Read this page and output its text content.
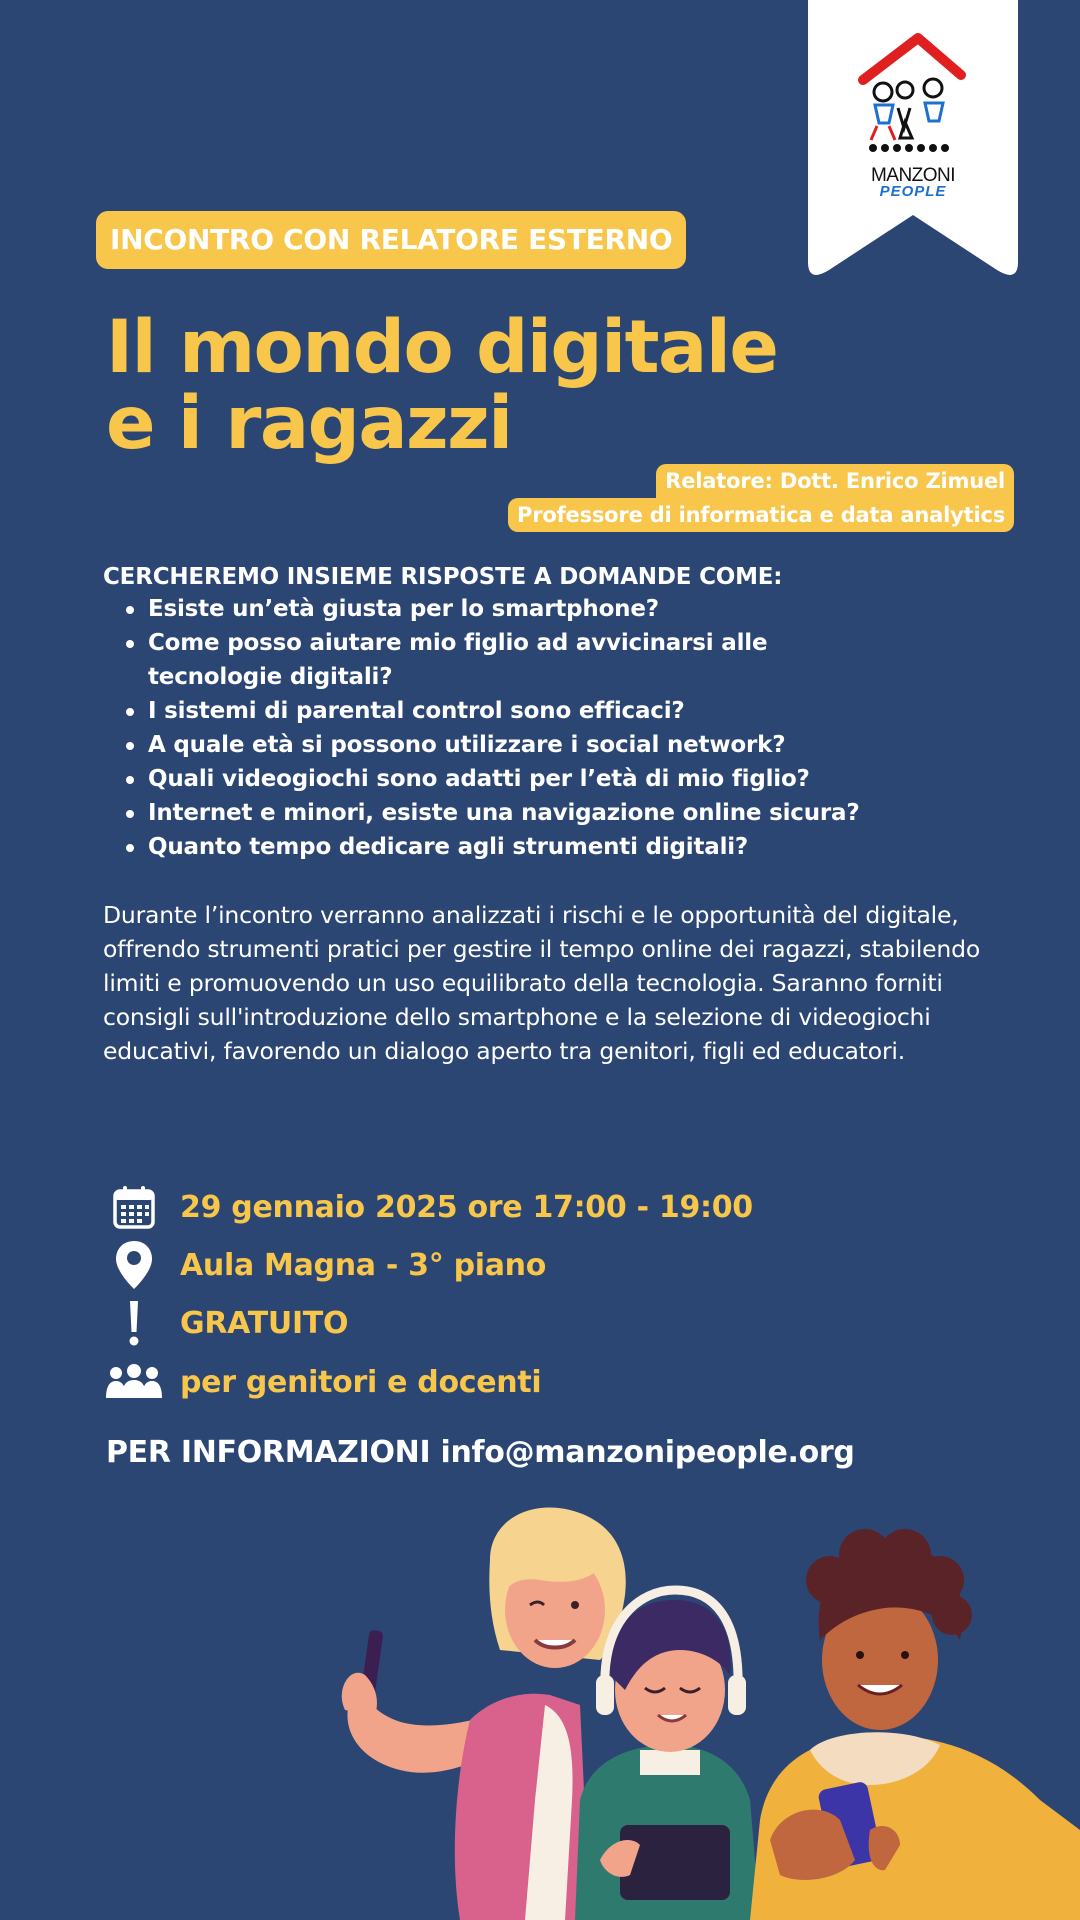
MANZONI
PEOPLE
INCONTRO CON RELATORE ESTERNO
Il mondo digitale
e i ragazzi
Relatore: Dott. Enrico Zimuel
Professore di informatica e data analytics
CERCHEREMO INSIEME RISPOSTE A DOMANDE COME:
Esiste un’età giusta per lo smartphone?
Come posso aiutare mio figlio ad avvicinarsi alle tecnologie digitali?
I sistemi di parental control sono efficaci?
A quale età si possono utilizzare i social network?
Quali videogiochi sono adatti per l’età di mio figlio?
Internet e minori, esiste una navigazione online sicura?
Quanto tempo dedicare agli strumenti digitali?
Durante l’incontro verranno analizzati i rischi e le opportunità del digitale, offrendo strumenti pratici per gestire il tempo online dei ragazzi, stabilendo limiti e promuovendo un uso equilibrato della tecnologia. Saranno forniti consigli sull'introduzione dello smartphone e la selezione di videogiochi educativi, favorendo un dialogo aperto tra genitori, figli ed educatori.
29 gennaio 2025 ore 17:00 - 19:00
Aula Magna - 3° piano
GRATUITO
per genitori e docenti
PER INFORMAZIONI info@manzonipeople.org
